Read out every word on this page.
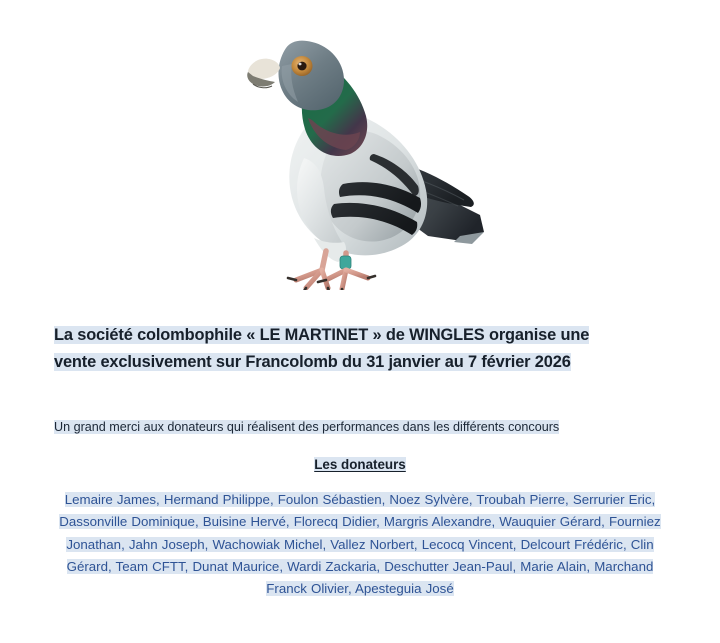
La société colombophile « LE MARTINET » de WINGLES organise une
vente exclusivement sur Francolomb du 31 janvier au 7 février 2026
Un grand merci aux donateurs qui réalisent des performances dans les différents concours
Les donateurs
Lemaire James, Hermand Philippe, Foulon Sébastien, Noez Sylvère, Troubah Pierre, Serrurier Eric, Dassonville Dominique, Buisine Hervé, Florecq Didier, Margris Alexandre, Wauquier Gérard, Fourniez Jonathan, Jahn Joseph, Wachowiak Michel, Vallez Norbert, Lecocq Vincent, Delcourt Frédéric, Clin Gérard, Team CFTT, Dunat Maurice, Wardi Zackaria, Deschutter Jean-Paul, Marie Alain, Marchand Franck Olivier, Apesteguia José
